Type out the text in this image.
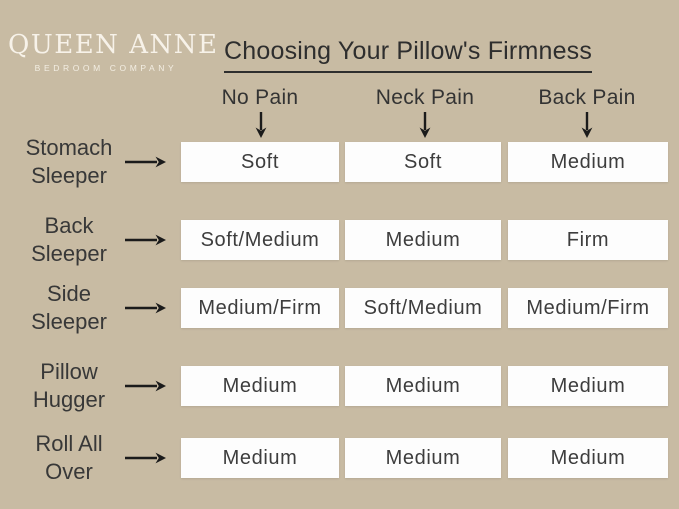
QUEEN ANNE
BEDROOM COMPANY
Choosing Your Pillow's Firmness
No Pain	Neck Pain	Back Pain
Stomach
Sleeper
Soft	Soft	Medium
Back
Sleeper
Soft/Medium	Medium	Firm
Side
Sleeper
Medium/Firm	Soft/Medium	Medium/Firm
Pillow
Hugger
Medium	Medium	Medium
Roll All
Over
Medium	Medium	Medium
